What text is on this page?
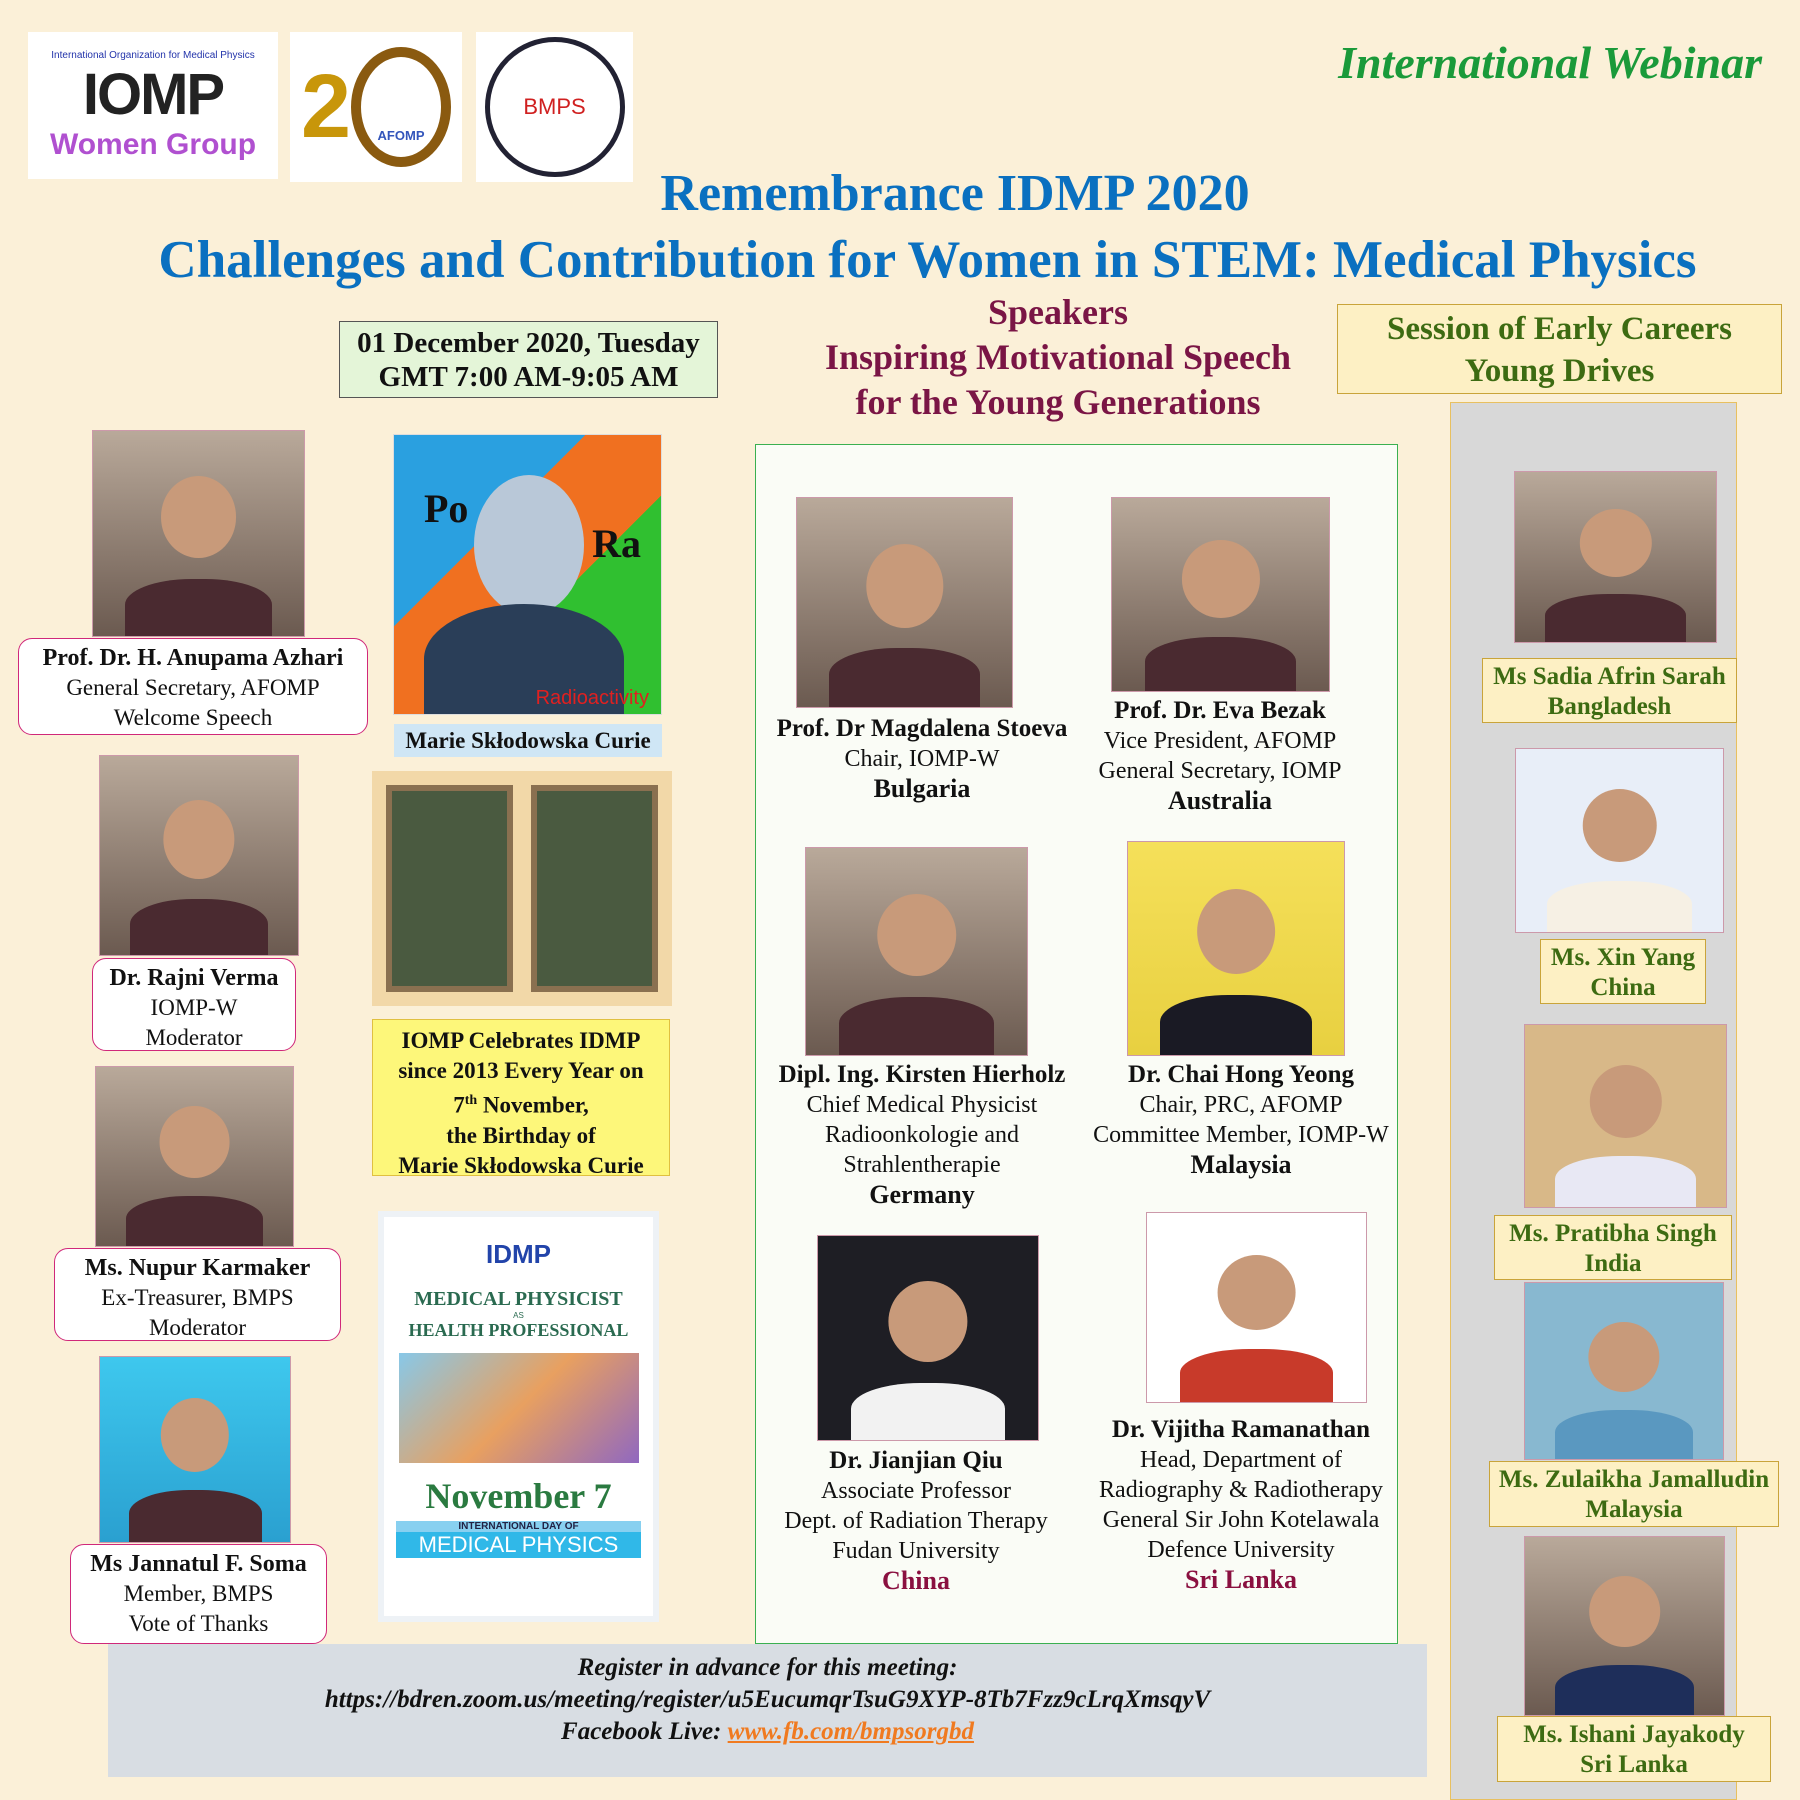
International Organization for Medical Physics
IOMP
Women Group 2	AFOMP
BMPS
International Webinar
Remembrance IDMP 2020
Challenges and Contribution for Women in STEM: Medical Physics
01 December 2020, Tuesday
GMT 7:00 AM-9:05 AM
Speakers
Inspiring Motivational Speech
for the Young Generations
Session of Early Careers
Young Drives
Prof. Dr. H. Anupama Azhari
General Secretary, AFOMP
Welcome Speech
Dr. Rajni Verma
IOMP-W
Moderator
Ms. Nupur Karmaker
Ex-Treasurer, BMPS
Moderator
Ms Jannatul F. Soma
Member, BMPS
Vote of Thanks
Po
Ra
Radioactivity
Marie Skłodowska Curie
IOMP Celebrates IDMP
since 2013 Every Year on
7th November,
the Birthday of
Marie Skłodowska Curie
IDMP
MEDICAL PHYSICIST
AS
HEALTH PROFESSIONAL
November 7
INTERNATIONAL DAY OF
MEDICAL PHYSICS
Prof. Dr Magdalena Stoeva
Chair, IOMP-W
Bulgaria
Prof. Dr. Eva Bezak
Vice President, AFOMP
General Secretary, IOMP
Australia
Dipl. Ing. Kirsten Hierholz
Chief Medical Physicist
Radioonkologie and
Strahlentherapie
Germany
Dr. Chai Hong Yeong
Chair, PRC, AFOMP
Committee Member, IOMP-W
Malaysia
Dr. Jianjian Qiu
Associate Professor
Dept. of Radiation Therapy
Fudan University
China
Dr. Vijitha Ramanathan
Head, Department of
Radiography & Radiotherapy
General Sir John Kotelawala
Defence University
Sri Lanka
Ms Sadia Afrin Sarah
Bangladesh
Ms. Xin Yang
China
Ms. Pratibha Singh
India
Ms. Zulaikha Jamalludin
Malaysia
Ms. Ishani Jayakody
Sri Lanka
Register in advance for this meeting:
https://bdren.zoom.us/meeting/register/u5EucumqrTsuG9XYP-8Tb7Fzz9cLrqXmsqyV
Facebook Live: www.fb.com/bmpsorgbd
